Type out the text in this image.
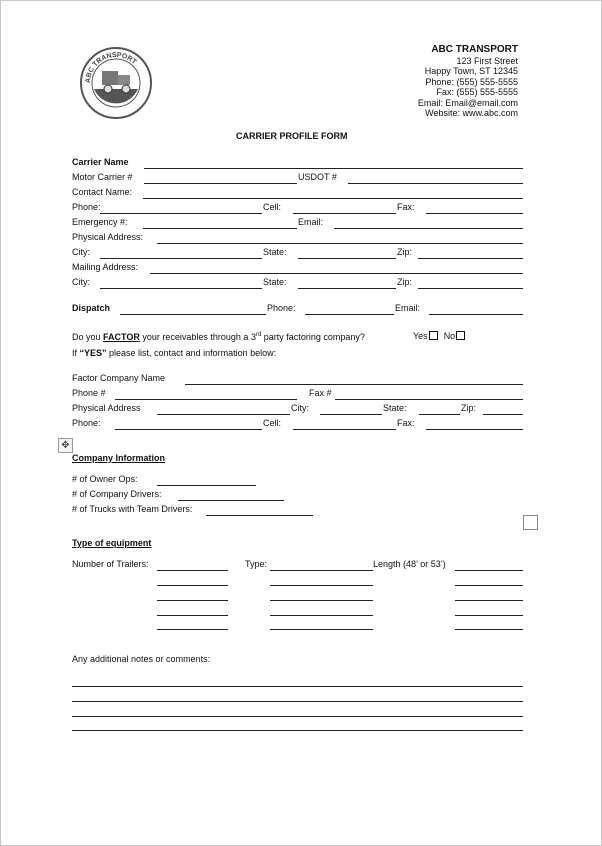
ABC TRANSPORT
ABC TRANSPORT
123 First Street
Happy Town, ST 12345
Phone: (555) 555-5555
Fax: (555) 555-5555
Email: Email@email.com
Website: www.abc.com
CARRIER PROFILE FORM
Carrier Name
Motor Carrier #	USDOT #
Contact Name:
Phone:	Cell:	Fax:
Emergency #:	Email:
Physical Address:
City:	State:	Zip:
Mailing Address:
City:	State:	Zip:
Dispatch	Phone:	Email:
Do you FACTOR your receivables through a 3rd party factoring company?	Yes No
If “YES” please list, contact and information below:
Factor Company Name
Phone #	Fax #
Physical Address	City:	State:	Zip:
Phone:	Cell:	Fax:
✥
Company Information
# of Owner Ops:
# of Company Drivers:
# of Trucks with Team Drivers:
Type of equipment
Number of Trailers:	Type:	Length (48’ or 53’)
Any additional notes or comments:
